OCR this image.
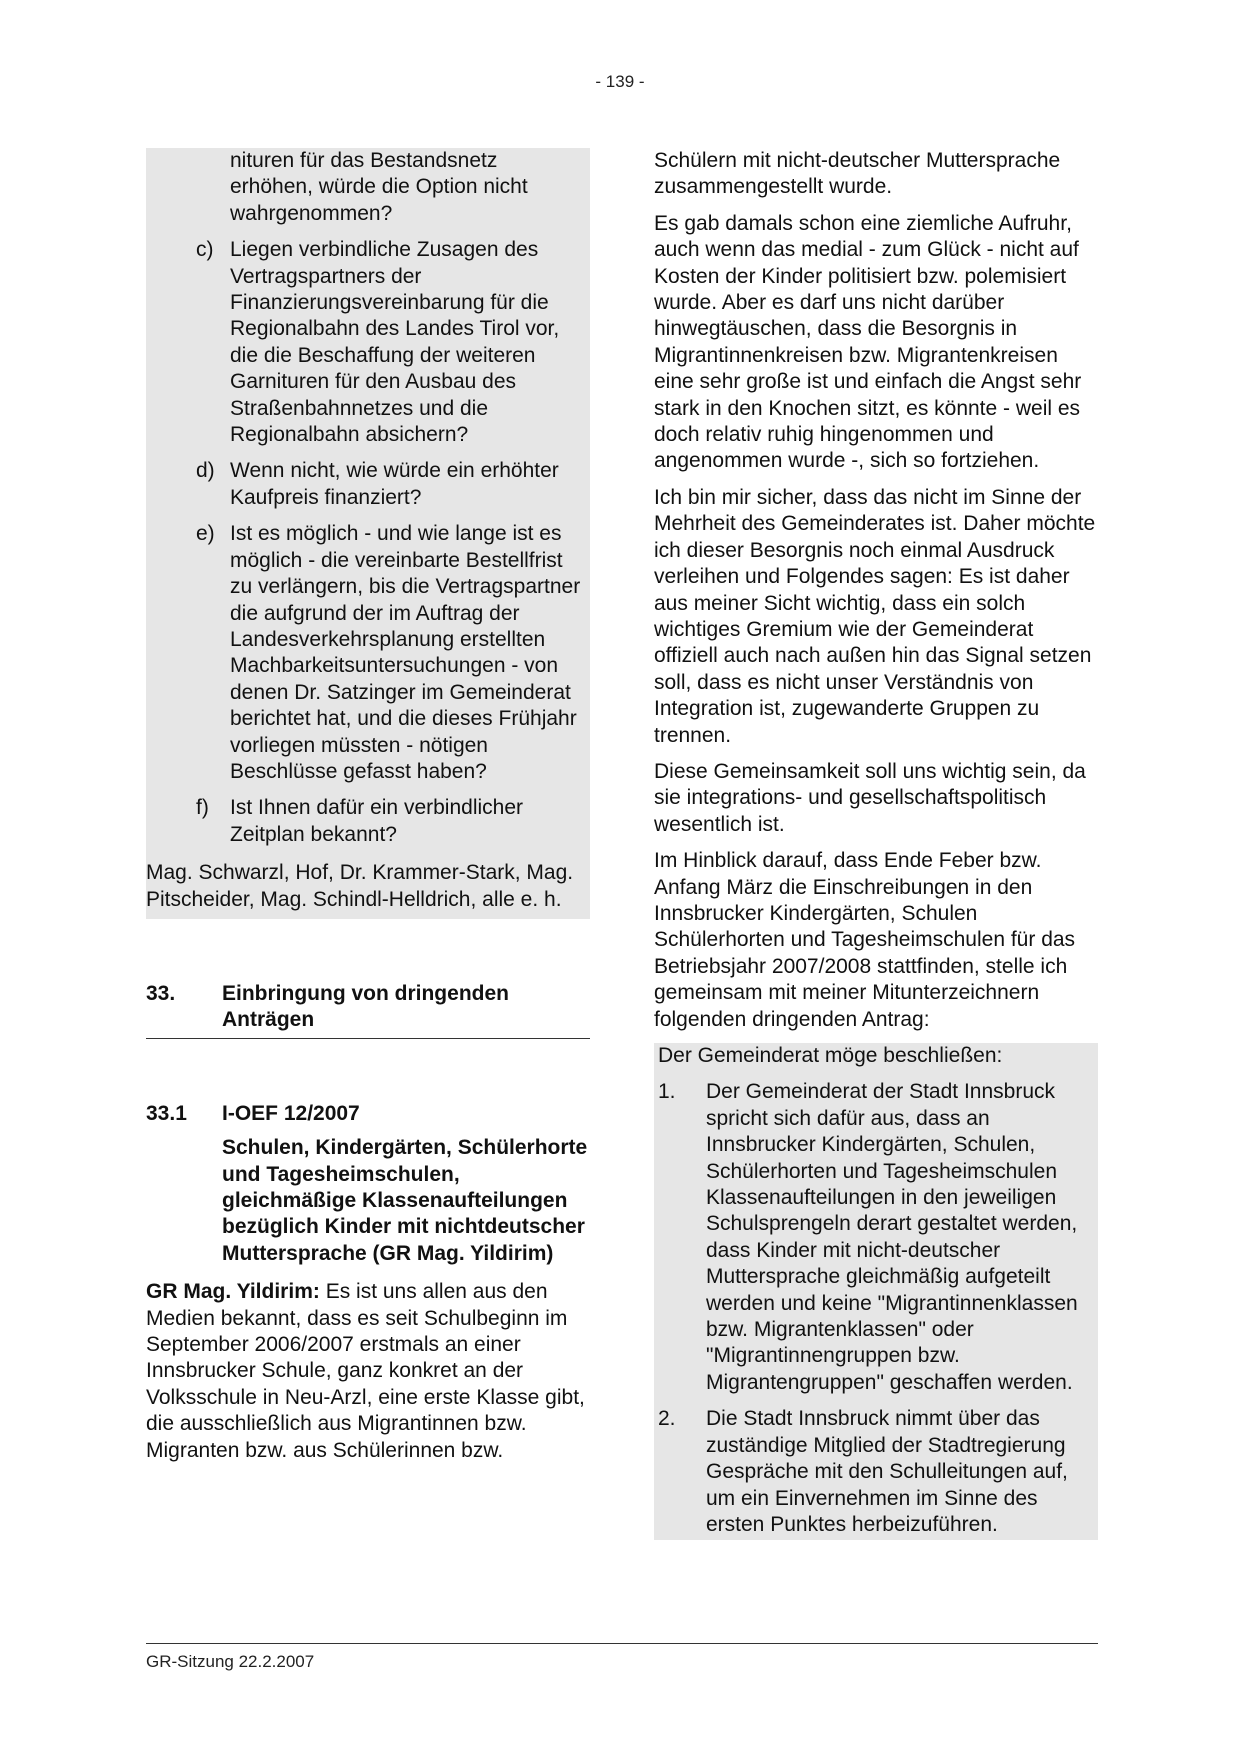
- 139 -
nituren für das Bestandsnetz erhöhen, würde die Option nicht wahrgenommen?
c) Liegen verbindliche Zusagen des Vertragspartners der Finanzierungsvereinbarung für die Regionalbahn des Landes Tirol vor, die die Beschaffung der weiteren Garnituren für den Ausbau des Straßenbahnnetzes und die Regionalbahn absichern?
d) Wenn nicht, wie würde ein erhöhter Kaufpreis finanziert?
e) Ist es möglich - und wie lange ist es möglich - die vereinbarte Bestellfrist zu verlängern, bis die Vertragspartner die aufgrund der im Auftrag der Landesverkehrsplanung erstellten Machbarkeitsuntersuchungen - von denen Dr. Satzinger im Gemeinderat berichtet hat, und die dieses Frühjahr vorliegen müssten - nötigen Beschlüsse gefasst haben?
f)	Ist Ihnen dafür ein verbindlicher Zeitplan bekannt?
Mag. Schwarzl, Hof, Dr. Krammer-Stark, Mag. Pitscheider, Mag. Schindl-Helldrich, alle e. h.
33.	Einbringung von dringenden Anträgen
33.1	I-OEF 12/2007
Schulen, Kindergärten, Schülerhorte und Tagesheimschulen, gleichmäßige Klassenaufteilungen bezüglich Kinder mit nichtdeutscher Muttersprache (GR Mag. Yildirim)
GR Mag. Yildirim: Es ist uns allen aus den Medien bekannt, dass es seit Schulbeginn im September 2006/2007 erstmals an einer Innsbrucker Schule, ganz konkret an der Volksschule in Neu-Arzl, eine erste Klasse gibt, die ausschließlich aus Migrantinnen bzw. Migranten bzw. aus Schülerinnen bzw.
Schülern mit nicht-deutscher Muttersprache zusammengestellt wurde.
Es gab damals schon eine ziemliche Aufruhr, auch wenn das medial - zum Glück - nicht auf Kosten der Kinder politisiert bzw. polemisiert wurde. Aber es darf uns nicht darüber hinwegtäuschen, dass die Besorgnis in Migrantinnenkreisen bzw. Migrantenkreisen eine sehr große ist und einfach die Angst sehr stark in den Knochen sitzt, es könnte - weil es doch relativ ruhig hingenommen und angenommen wurde -, sich so fortziehen.
Ich bin mir sicher, dass das nicht im Sinne der Mehrheit des Gemeinderates ist. Daher möchte ich dieser Besorgnis noch einmal Ausdruck verleihen und Folgendes sagen: Es ist daher aus meiner Sicht wichtig, dass ein solch wichtiges Gremium wie der Gemeinderat offiziell auch nach außen hin das Signal setzen soll, dass es nicht unser Verständnis von Integration ist, zugewanderte Gruppen zu trennen.
Diese Gemeinsamkeit soll uns wichtig sein, da sie integrations- und gesellschaftspolitisch wesentlich ist.
Im Hinblick darauf, dass Ende Feber bzw. Anfang März die Einschreibungen in den Innsbrucker Kindergärten, Schulen Schülerhorten und Tagesheimschulen für das Betriebsjahr 2007/2008 stattfinden, stelle ich gemeinsam mit meiner Mitunterzeichnern folgenden dringenden Antrag:
Der Gemeinderat möge beschließen:
1.	Der Gemeinderat der Stadt Innsbruck spricht sich dafür aus, dass an Innsbrucker Kindergärten, Schulen, Schülerhorten und Tagesheimschulen Klassenaufteilungen in den jeweiligen Schulsprengeln derart gestaltet werden, dass Kinder mit nicht-deutscher Muttersprache gleichmäßig aufgeteilt werden und keine "Migrantinnenklassen bzw. Migrantenklassen" oder "Migrantinnengruppen bzw. Migrantengruppen" geschaffen werden.
2.	Die Stadt Innsbruck nimmt über das zuständige Mitglied der Stadtregierung Gespräche mit den Schulleitungen auf, um ein Einvernehmen im Sinne des ersten Punktes herbeizuführen.
GR-Sitzung 22.2.2007
